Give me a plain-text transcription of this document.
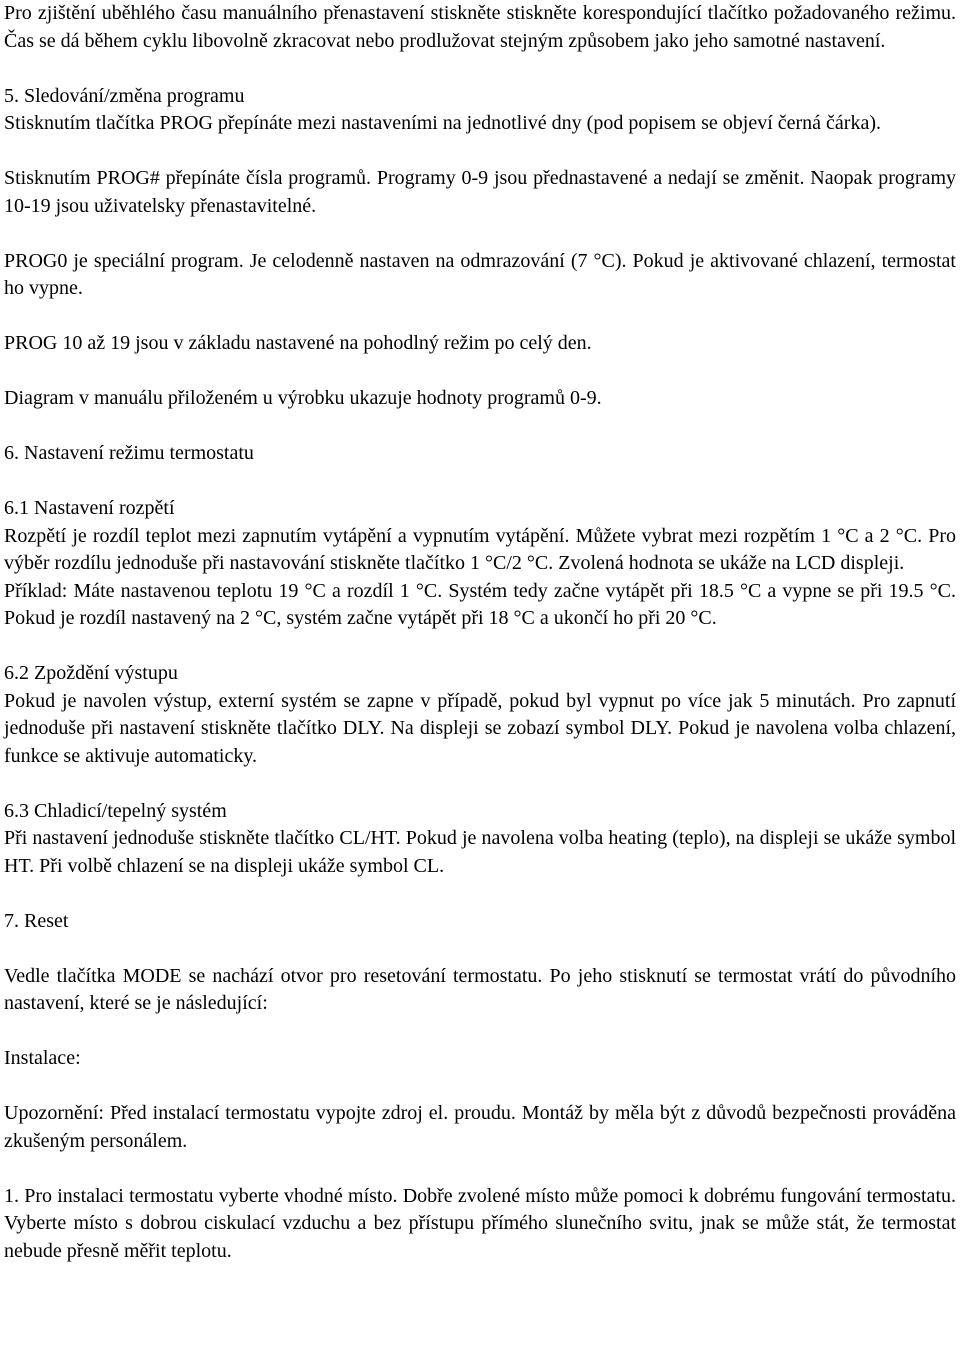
Pro zjištění uběhlého času manuálního přenastavení stiskněte stiskněte korespondující tlačítko požadovaného režimu. Čas se dá během cyklu libovolně zkracovat nebo prodlužovat stejným způsobem jako jeho samotné nastavení.

5. Sledování/změna programu
Stisknutím tlačítka PROG přepínáte mezi nastaveními na jednotlivé dny (pod popisem se objeví černá čárka).

Stisknutím PROG# přepínáte čísla programů. Programy 0-9 jsou přednastavené a nedají se změnit. Naopak programy 10-19 jsou uživatelsky přenastavitelné.

PROG0 je speciální program. Je celodenně nastaven na odmrazování (7 °C). Pokud je aktivované chlazení, termostat ho vypne.

PROG 10 až 19 jsou v základu nastavené na pohodlný režim po celý den.

Diagram v manuálu přiloženém u výrobku ukazuje hodnoty programů 0-9.

6. Nastavení režimu termostatu

6.1 Nastavení rozpětí
Rozpětí je rozdíl teplot mezi zapnutím vytápění a vypnutím vytápění. Můžete vybrat mezi rozpětím 1 °C a 2 °C. Pro výběr rozdílu jednoduše při nastavování stiskněte tlačítko 1 °C/2 °C. Zvolená hodnota se ukáže na LCD displeji.
Příklad: Máte nastavenou teplotu 19 °C a rozdíl 1 °C. Systém tedy začne vytápět při 18.5 °C a vypne se při 19.5 °C. Pokud je rozdíl nastavený na 2 °C, systém začne vytápět při 18 °C a ukončí ho při 20 °C.

6.2 Zpoždění výstupu
Pokud je navolen výstup, externí systém se zapne v případě, pokud byl vypnut po více jak 5 minutách. Pro zapnutí jednoduše při nastavení stiskněte tlačítko DLY. Na displeji se zobazí symbol DLY. Pokud je navolena volba chlazení, funkce se aktivuje automaticky.

6.3 Chladicí/tepelný systém
Při nastavení jednoduše stiskněte tlačítko CL/HT. Pokud je navolena volba heating (teplo), na displeji se ukáže symbol HT. Při volbě chlazení se na displeji ukáže symbol CL.

7. Reset

Vedle tlačítka MODE se nachází otvor pro resetování termostatu. Po jeho stisknutí se termostat vrátí do původního nastavení, které se je následující:

Instalace:

Upozornění: Před instalací termostatu vypojte zdroj el. proudu. Montáž by měla být z důvodů bezpečnosti prováděna zkušeným personálem.

1. Pro instalaci termostatu vyberte vhodné místo. Dobře zvolené místo může pomoci k dobrému fungování termostatu. Vyberte místo s dobrou ciskulací vzduchu a bez přístupu přímého slunečního svitu, jnak se může stát, že termostat nebude přesně měřit teplotu.
